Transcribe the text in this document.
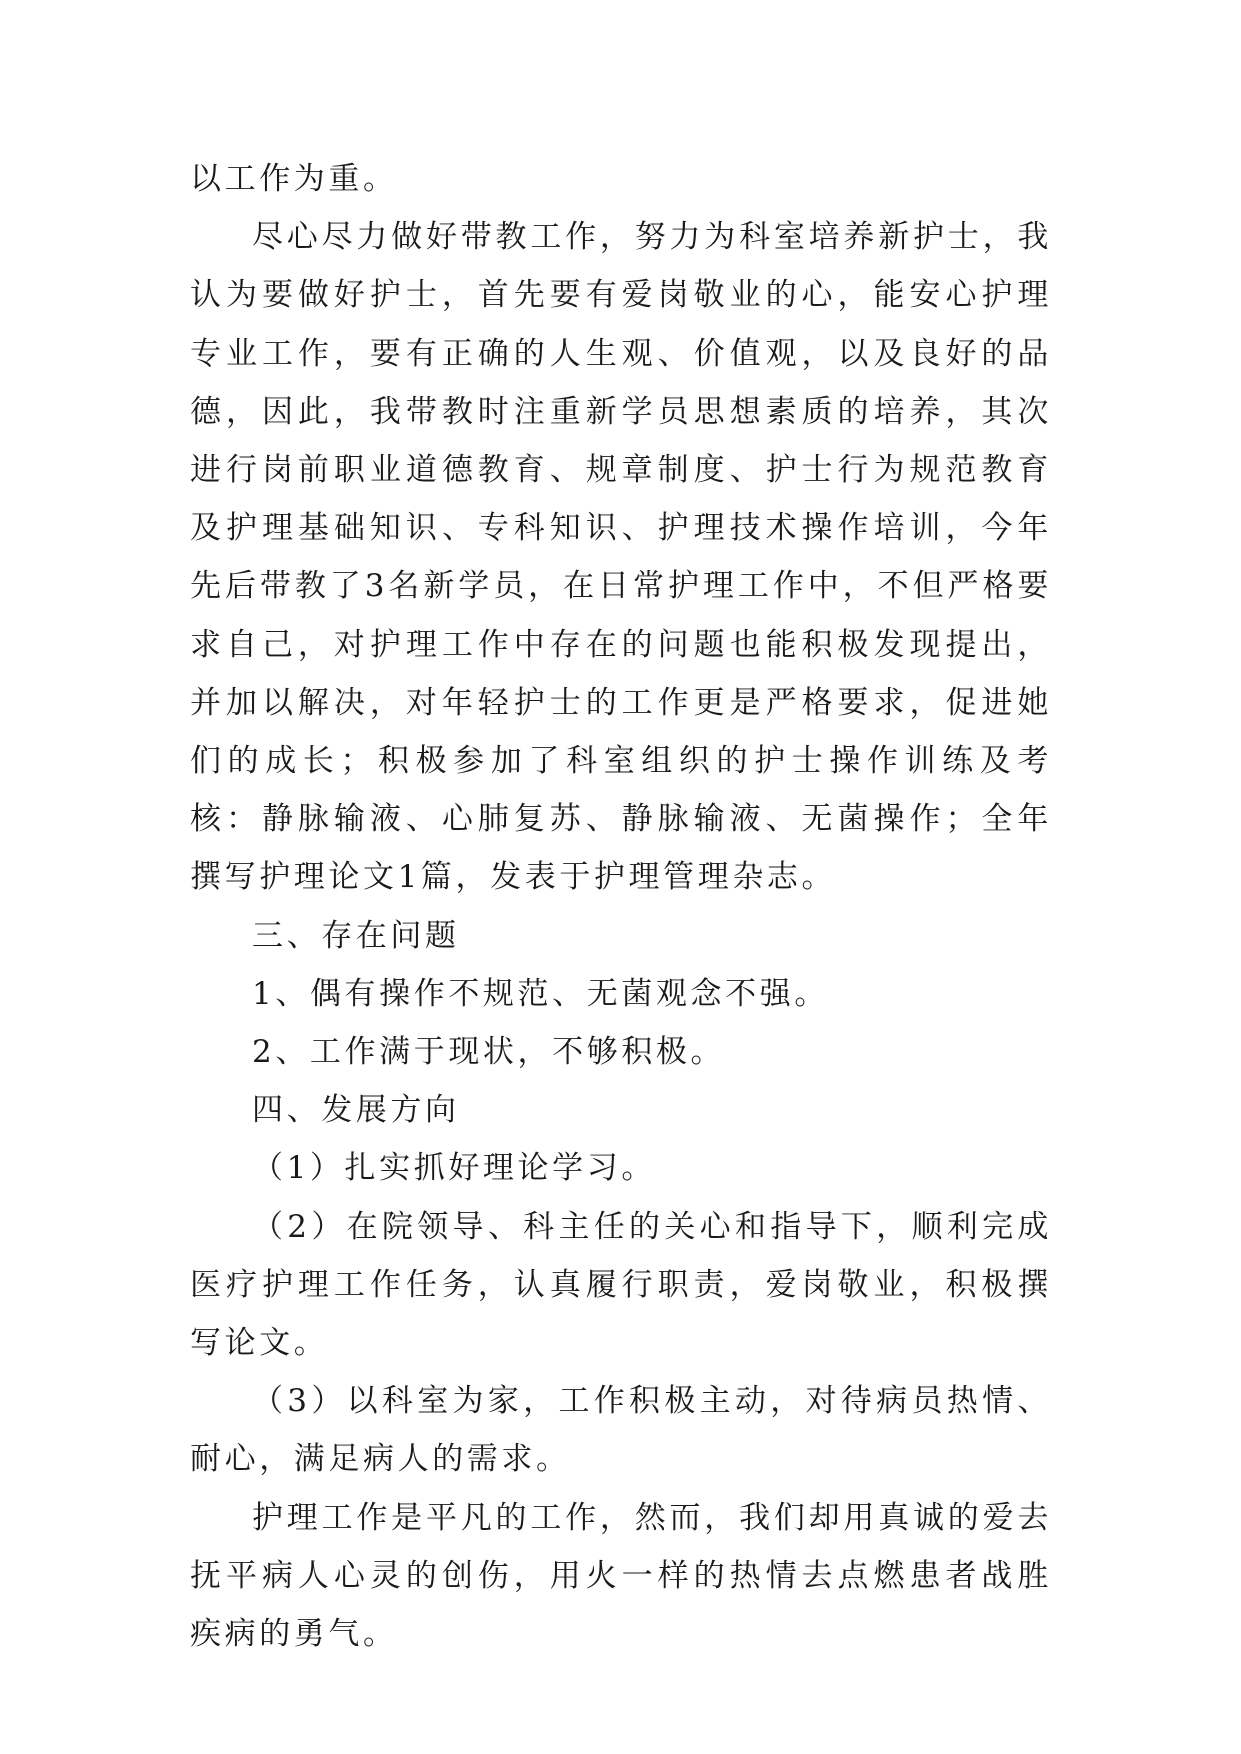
以工作为重。

尽心尽力做好带教工作，努力为科室培养新护士，我认为要做好护士，首先要有爱岗敬业的心，能安心护理专业工作，要有正确的人生观、价值观，以及良好的品德，因此，我带教时注重新学员思想素质的培养，其次进行岗前职业道德教育、规章制度、护士行为规范教育及护理基础知识、专科知识、护理技术操作培训，今年先后带教了3名新学员，在日常护理工作中，不但严格要求自己，对护理工作中存在的问题也能积极发现提出，并加以解决，对年轻护士的工作更是严格要求，促进她们的成长；积极参加了科室组织的护士操作训练及考核：静脉输液、心肺复苏、静脉输液、无菌操作；全年撰写护理论文1篇，发表于护理管理杂志。

三、存在问题

1、偶有操作不规范、无菌观念不强。

2、工作满于现状，不够积极。

四、发展方向

（1）扎实抓好理论学习。

（2）在院领导、科主任的关心和指导下，顺利完成医疗护理工作任务，认真履行职责，爱岗敬业，积极撰写论文。

（3）以科室为家，工作积极主动，对待病员热情、耐心，满足病人的需求。

护理工作是平凡的工作，然而，我们却用真诚的爱去抚平病人心灵的创伤，用火一样的热情去点燃患者战胜疾病的勇气。
